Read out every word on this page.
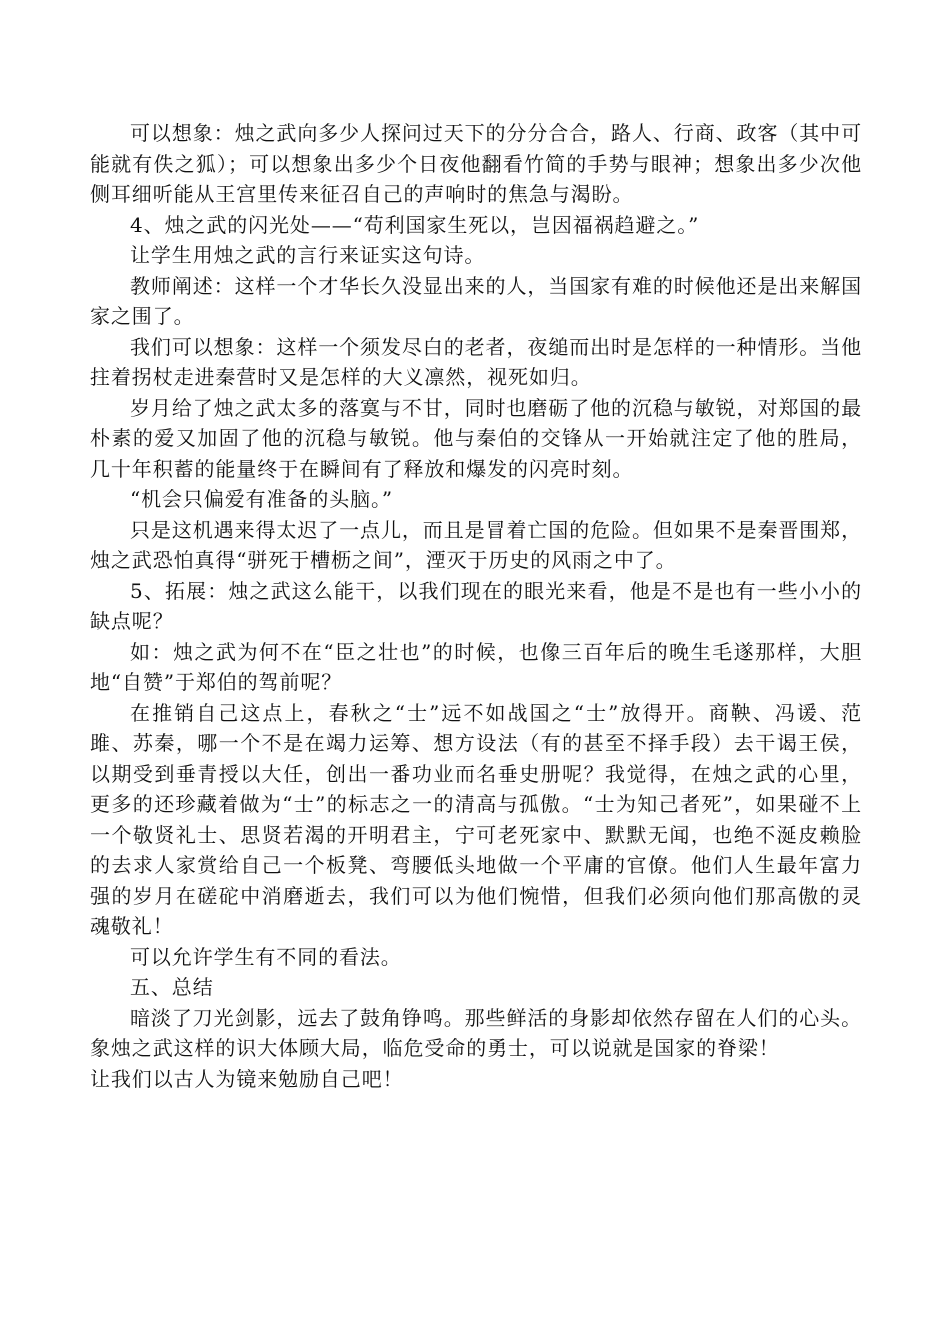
可以想象：烛之武向多少人探问过天下的分分合合，路人、行商、政客（其中可能就有佚之狐）；可以想象出多少个日夜他翻看竹简的手势与眼神；想象出多少次他侧耳细听能从王宫里传来征召自己的声响时的焦急与渴盼。

4、烛之武的闪光处——“苟利国家生死以，岂因福祸趋避之。”

让学生用烛之武的言行来证实这句诗。

教师阐述：这样一个才华长久没显出来的人，当国家有难的时候他还是出来解国家之围了。

我们可以想象：这样一个须发尽白的老者，夜缒而出时是怎样的一种情形。当他拄着拐杖走进秦营时又是怎样的大义凛然，视死如归。

岁月给了烛之武太多的落寞与不甘，同时也磨砺了他的沉稳与敏锐，对郑国的最朴素的爱又加固了他的沉稳与敏锐。他与秦伯的交锋从一开始就注定了他的胜局，几十年积蓄的能量终于在瞬间有了释放和爆发的闪亮时刻。

“机会只偏爱有准备的头脑。”

只是这机遇来得太迟了一点儿，而且是冒着亡国的危险。但如果不是秦晋围郑，烛之武恐怕真得“骈死于槽枥之间”，湮灭于历史的风雨之中了。

5、拓展：烛之武这么能干，以我们现在的眼光来看，他是不是也有一些小小的缺点呢？

如：烛之武为何不在“臣之壮也”的时候，也像三百年后的晚生毛遂那样，大胆地“自赞”于郑伯的驾前呢？

在推销自己这点上，春秋之“士”远不如战国之“士”放得开。商鞅、冯谖、范雎、苏秦，哪一个不是在竭力运筹、想方设法（有的甚至不择手段）去干谒王侯，以期受到垂青授以大任，创出一番功业而名垂史册呢？我觉得，在烛之武的心里，更多的还珍藏着做为“士”的标志之一的清高与孤傲。“士为知己者死”，如果碰不上一个敬贤礼士、思贤若渴的开明君主，宁可老死家中、默默无闻，也绝不涎皮赖脸的去求人家赏给自己一个板凳、弯腰低头地做一个平庸的官僚。他们人生最年富力强的岁月在磋砣中消磨逝去，我们可以为他们惋惜，但我们必须向他们那高傲的灵魂敬礼！

可以允许学生有不同的看法。

五、总结

暗淡了刀光剑影，远去了鼓角铮鸣。那些鲜活的身影却依然存留在人们的心头。象烛之武这样的识大体顾大局，临危受命的勇士，可以说就是国家的脊梁！

让我们以古人为镜来勉励自己吧！
